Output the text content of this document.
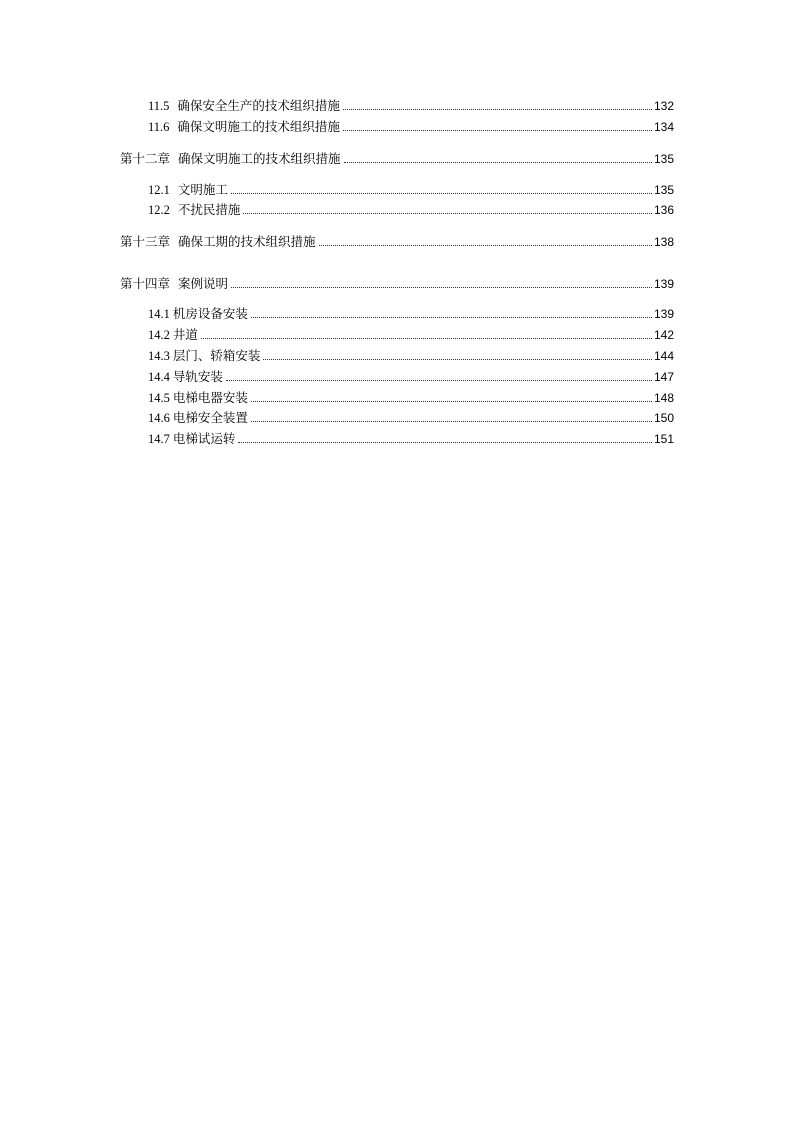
11.5 确保安全生产的技术组织措施	132
11.6 确保文明施工的技术组织措施	134
第十二章 确保文明施工的技术组织措施	135
12.1 文明施工	135
12.2 不扰民措施	136
第十三章 确保工期的技术组织措施	138
第十四章 案例说明	139
14.1 机房设备安装	139
14.2 井道	142
14.3 层门、轿箱安装	144
14.4 导轨安装	147
14.5 电梯电器安装	148
14.6 电梯安全装置	150
14.7 电梯试运转	151
